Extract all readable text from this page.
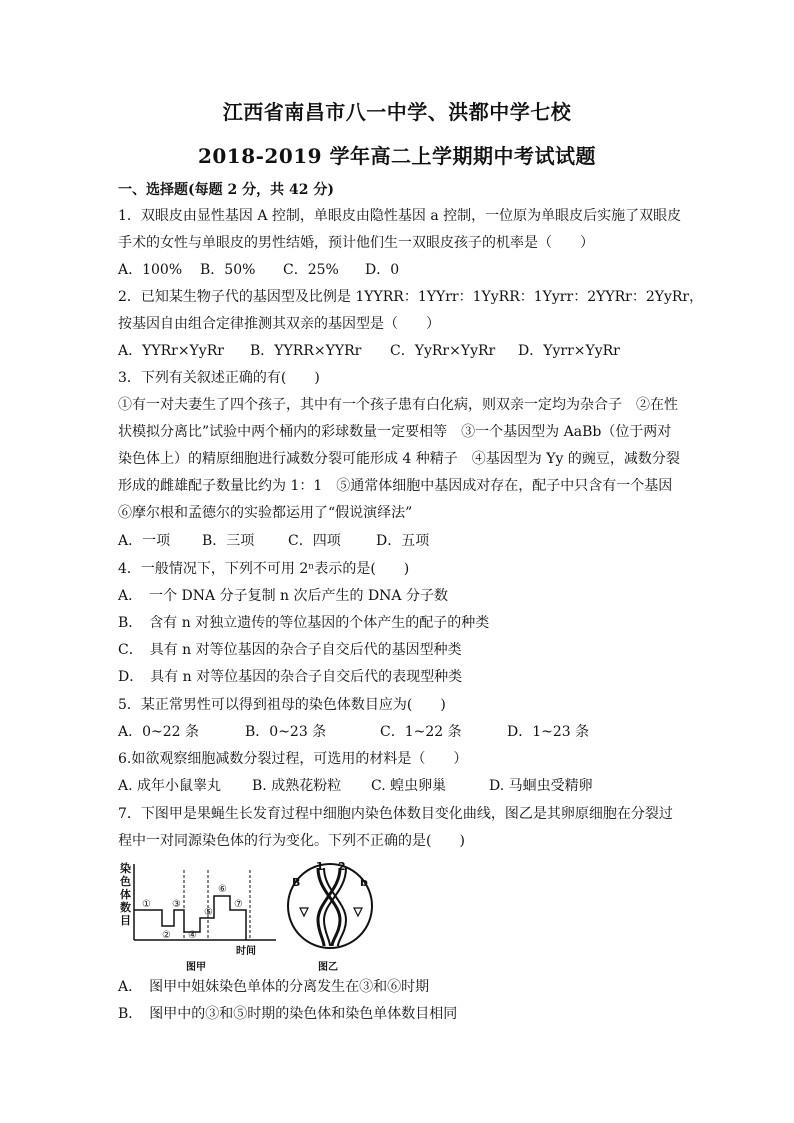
江西省南昌市八一中学、洪都中学七校
2018-2019 学年高二上学期期中考试试题
一、选择题(每题 2 分，共 42 分)
1．双眼皮由显性基因 A 控制，单眼皮由隐性基因 a 控制，一位原为单眼皮后实施了双眼皮
手术的女性与单眼皮的男性结婚，预计他们生一双眼皮孩子的机率是（　　）
A．100% B．50% C．25% D．0
2．已知某生物子代的基因型及比例是 1YYRR：1YYrr：1YyRR：1Yyrr：2YYRr：2YyRr，
按基因自由组合定律推测其双亲的基因型是（　　）
A．YYRr×YyRr B．YYRR×YYRr C．YyRr×YyRr D．Yyrr×YyRr
3．下列有关叙述正确的有(　　)
①有一对夫妻生了四个孩子，其中有一个孩子患有白化病，则双亲一定均为杂合子　②在性
状模拟分离比”试验中两个桶内的彩球数量一定要相等　③一个基因型为 AaBb（位于两对
染色体上）的精原细胞进行减数分裂可能形成 4 种精子　④基因型为 Yy 的豌豆，减数分裂
形成的雌雄配子数量比约为 1：1　⑤通常体细胞中基因成对存在，配子中只含有一个基因
⑥摩尔根和孟德尔的实验都运用了“假说演绎法”
A．一项 B．三项 C．四项	D．五项
4．一般情况下，下列不可用 2ⁿ表示的是(　　)
A．　一个 DNA 分子复制 n 次后产生的 DNA 分子数
B．　含有 n 对独立遗传的等位基因的个体产生的配子的种类
C．　具有 n 对等位基因的杂合子自交后代的基因型种类
D．　具有 n 对等位基因的杂合子自交后代的表现型种类
5．某正常男性可以得到祖母的染色体数目应为(　　)
A．0~22 条	B．0~23 条	C．1~22 条	D．1~23 条
6.如欲观察细胞减数分裂过程，可选用的材料是（　　）
A. 成年小鼠睾丸 B. 成熟花粉粒 C. 蝗虫卵巢	D. 马蛔虫受精卵
7．下图甲是果蝇生长发育过程中细胞内染色体数目变化曲线，图乙是其卵原细胞在分裂过
程中一对同源染色体的行为变化。下列不正确的是(　　)
染
色
体
数
目
①
②
③
④
⑤
⑥
⑦
时间
图甲
B	b
1 2
图乙
A．　图甲中姐妹染色单体的分离发生在③和⑥时期
B．　图甲中的③和⑤时期的染色体和染色单体数目相同
